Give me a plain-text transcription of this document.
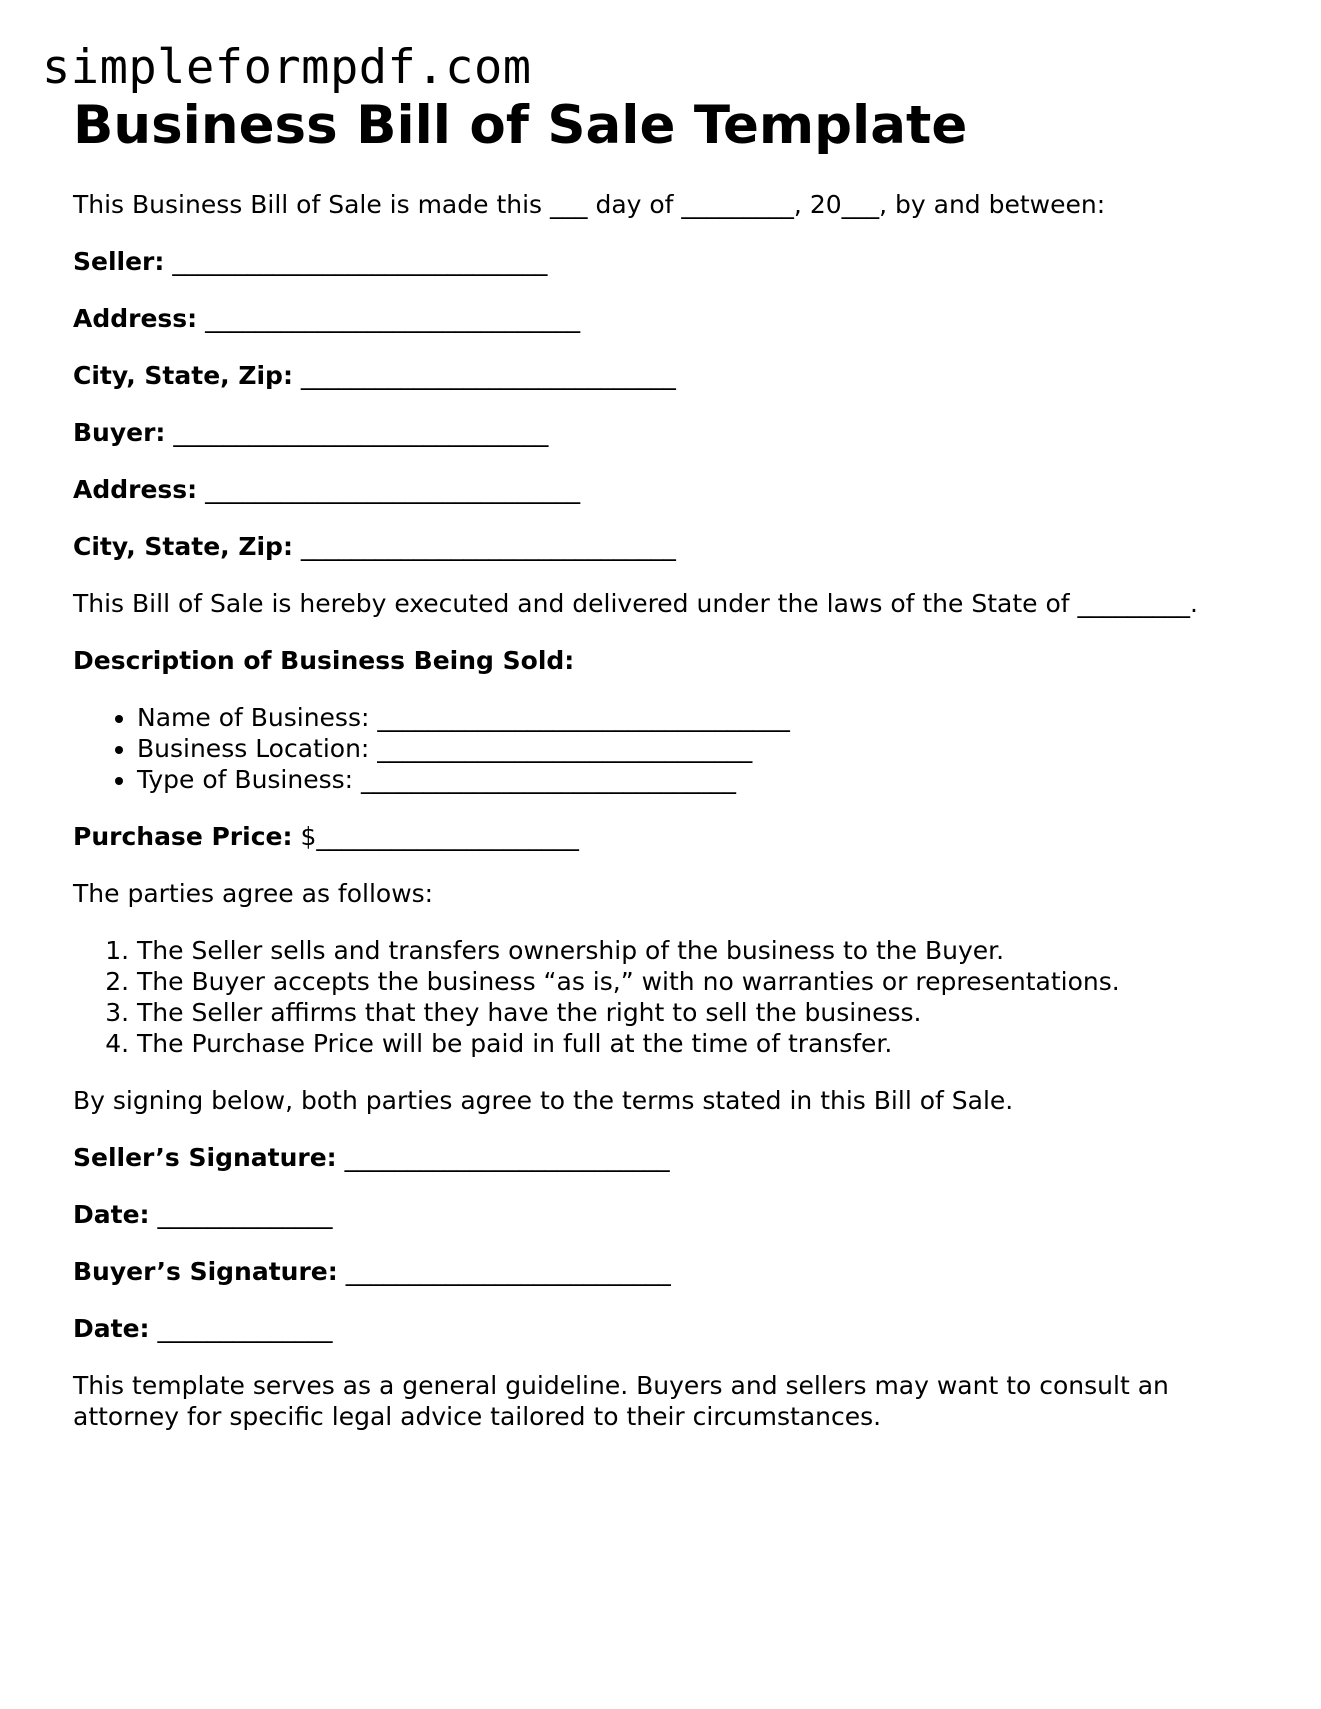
simpleformpdf.com
Business Bill of Sale Template

This Business Bill of Sale is made this ___ day of _________, 20___, by and between:

Seller: ______________________________

Address: ______________________________

City, State, Zip: ______________________________

Buyer: ______________________________

Address: ______________________________

City, State, Zip: ______________________________

This Bill of Sale is hereby executed and delivered under the laws of the State of _________.

Description of Business Being Sold:

• Name of Business: _________________________________
• Business Location: ______________________________
• Type of Business: ______________________________

Purchase Price: $_____________________

The parties agree as follows:

1. The Seller sells and transfers ownership of the business to the Buyer.
2. The Buyer accepts the business “as is,” with no warranties or representations.
3. The Seller affirms that they have the right to sell the business.
4. The Purchase Price will be paid in full at the time of transfer.

By signing below, both parties agree to the terms stated in this Bill of Sale.

Seller’s Signature: __________________________

Date: ______________

Buyer’s Signature: __________________________

Date: ______________

This template serves as a general guideline. Buyers and sellers may want to consult an attorney for specific legal advice tailored to their circumstances.
